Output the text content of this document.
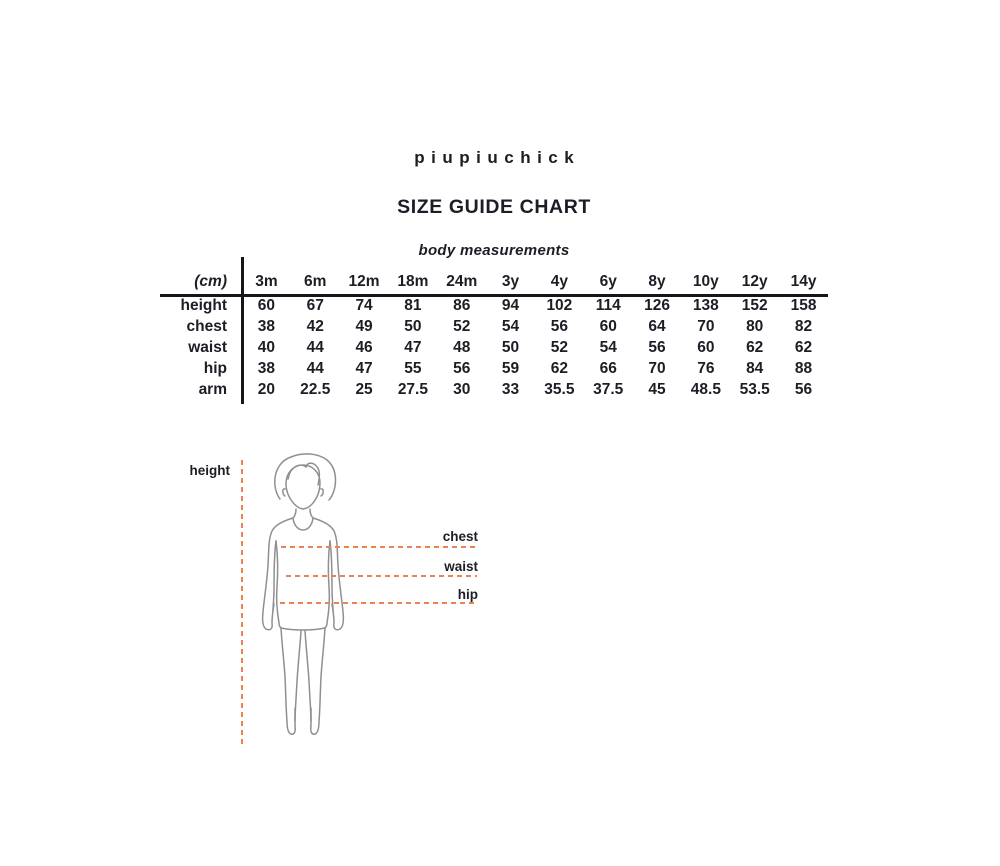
piupiuchick
SIZE GUIDE CHART
body measurements
(cm)	3m	6m	12m	18m	24m	3y	4y	6y	8y	10y	12y	14y
height	60	67	74	81	86	94	102	114	126	138	152	158
chest	38	42	49	50	52	54	56	60	64	70	80	82
waist	40	44	46	47	48	50	52	54	56	60	62	62
hip	38	44	47	55	56	59	62	66	70	76	84	88
arm	20	22.5	25	27.5	30	33	35.5	37.5	45	48.5	53.5	56
height
chest
waist
hip
